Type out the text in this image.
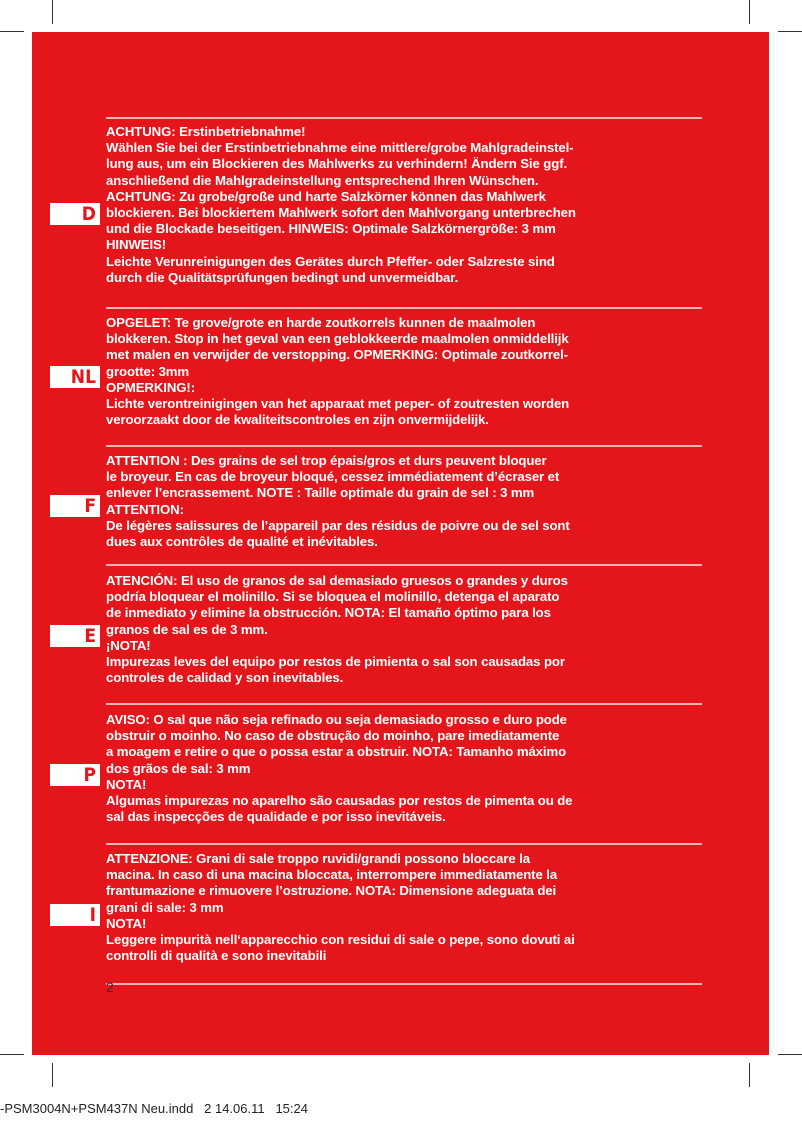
D
NL
F
E
P
I

ACHTUNG: Erstinbetriebnahme!

Wählen Sie bei der Erstinbetriebnahme eine mittlere/grobe Mahlgradeinstel-

lung aus, um ein Blockieren des Mahlwerks zu verhindern! Ändern Sie ggf.

anschließend die Mahlgradeinstellung entsprechend Ihren Wünschen.

ACHTUNG: Zu grobe/große und harte Salzkörner können das Mahlwerk

blockieren. Bei blockiertem Mahlwerk sofort den Mahlvorgang unterbrechen

und die Blockade beseitigen. HINWEIS: Optimale Salzkörnergröße: 3 mm

HINWEIS!

Leichte Verunreinigungen des Gerätes durch Pfeffer- oder Salzreste sind

durch die Qualitätsprüfungen bedingt und unvermeidbar.

OPGELET: Te grove/grote en harde zoutkorrels kunnen de maalmolen

blokkeren. Stop in het geval van een geblokkeerde maalmolen onmiddellijk

met malen en verwijder de verstopping. OPMERKING: Optimale zoutkorrel-

grootte: 3mm

OPMERKING!:

Lichte verontreinigingen van het apparaat met peper- of zoutresten worden

veroorzaakt door de kwaliteitscontroles en zijn onvermijdelijk.

ATTENTION : Des grains de sel trop épais/gros et durs peuvent bloquer

le broyeur. En cas de broyeur bloqué, cessez immédiatement d’écraser et

enlever l’encrassement. NOTE : Taille optimale du grain de sel : 3 mm

ATTENTION:

De légères salissures de l’appareil par des résidus de poivre ou de sel sont

dues aux contrôles de qualité et inévitables.

ATENCIÓN: El uso de granos de sal demasiado gruesos o grandes y duros

podría bloquear el molinillo. Si se bloquea el molinillo, detenga el aparato

de inmediato y elimine la obstrucción. NOTA: El tamaño óptimo para los

granos de sal es de 3 mm.

¡NOTA!

Impurezas leves del equipo por restos de pimienta o sal son causadas por

controles de calidad y son inevitables.

AVISO: O sal que não seja refinado ou seja demasiado grosso e duro pode

obstruir o moinho. No caso de obstrução do moinho, pare imediatamente

a moagem e retire o que o possa estar a obstruir. NOTA: Tamanho máximo

dos grãos de sal: 3 mm

NOTA!

Algumas impurezas no aparelho são causadas por restos de pimenta ou de

sal das inspecções de qualidade e por isso inevitáveis.

ATTENZIONE: Grani di sale troppo ruvidi/grandi possono bloccare la

macina. In caso di una macina bloccata, interrompere immediatamente la

frantumazione e rimuovere l’ostruzione. NOTA: Dimensione adeguata dei

grani di sale: 3 mm

NOTA!

Leggere impurità nell‘apparecchio con residui di sale o pepe, sono dovuti ai

controlli di qualità e sono inevitabili

2
-PSM3004N+PSM437N Neu.indd   2 14.06.11   15:24
